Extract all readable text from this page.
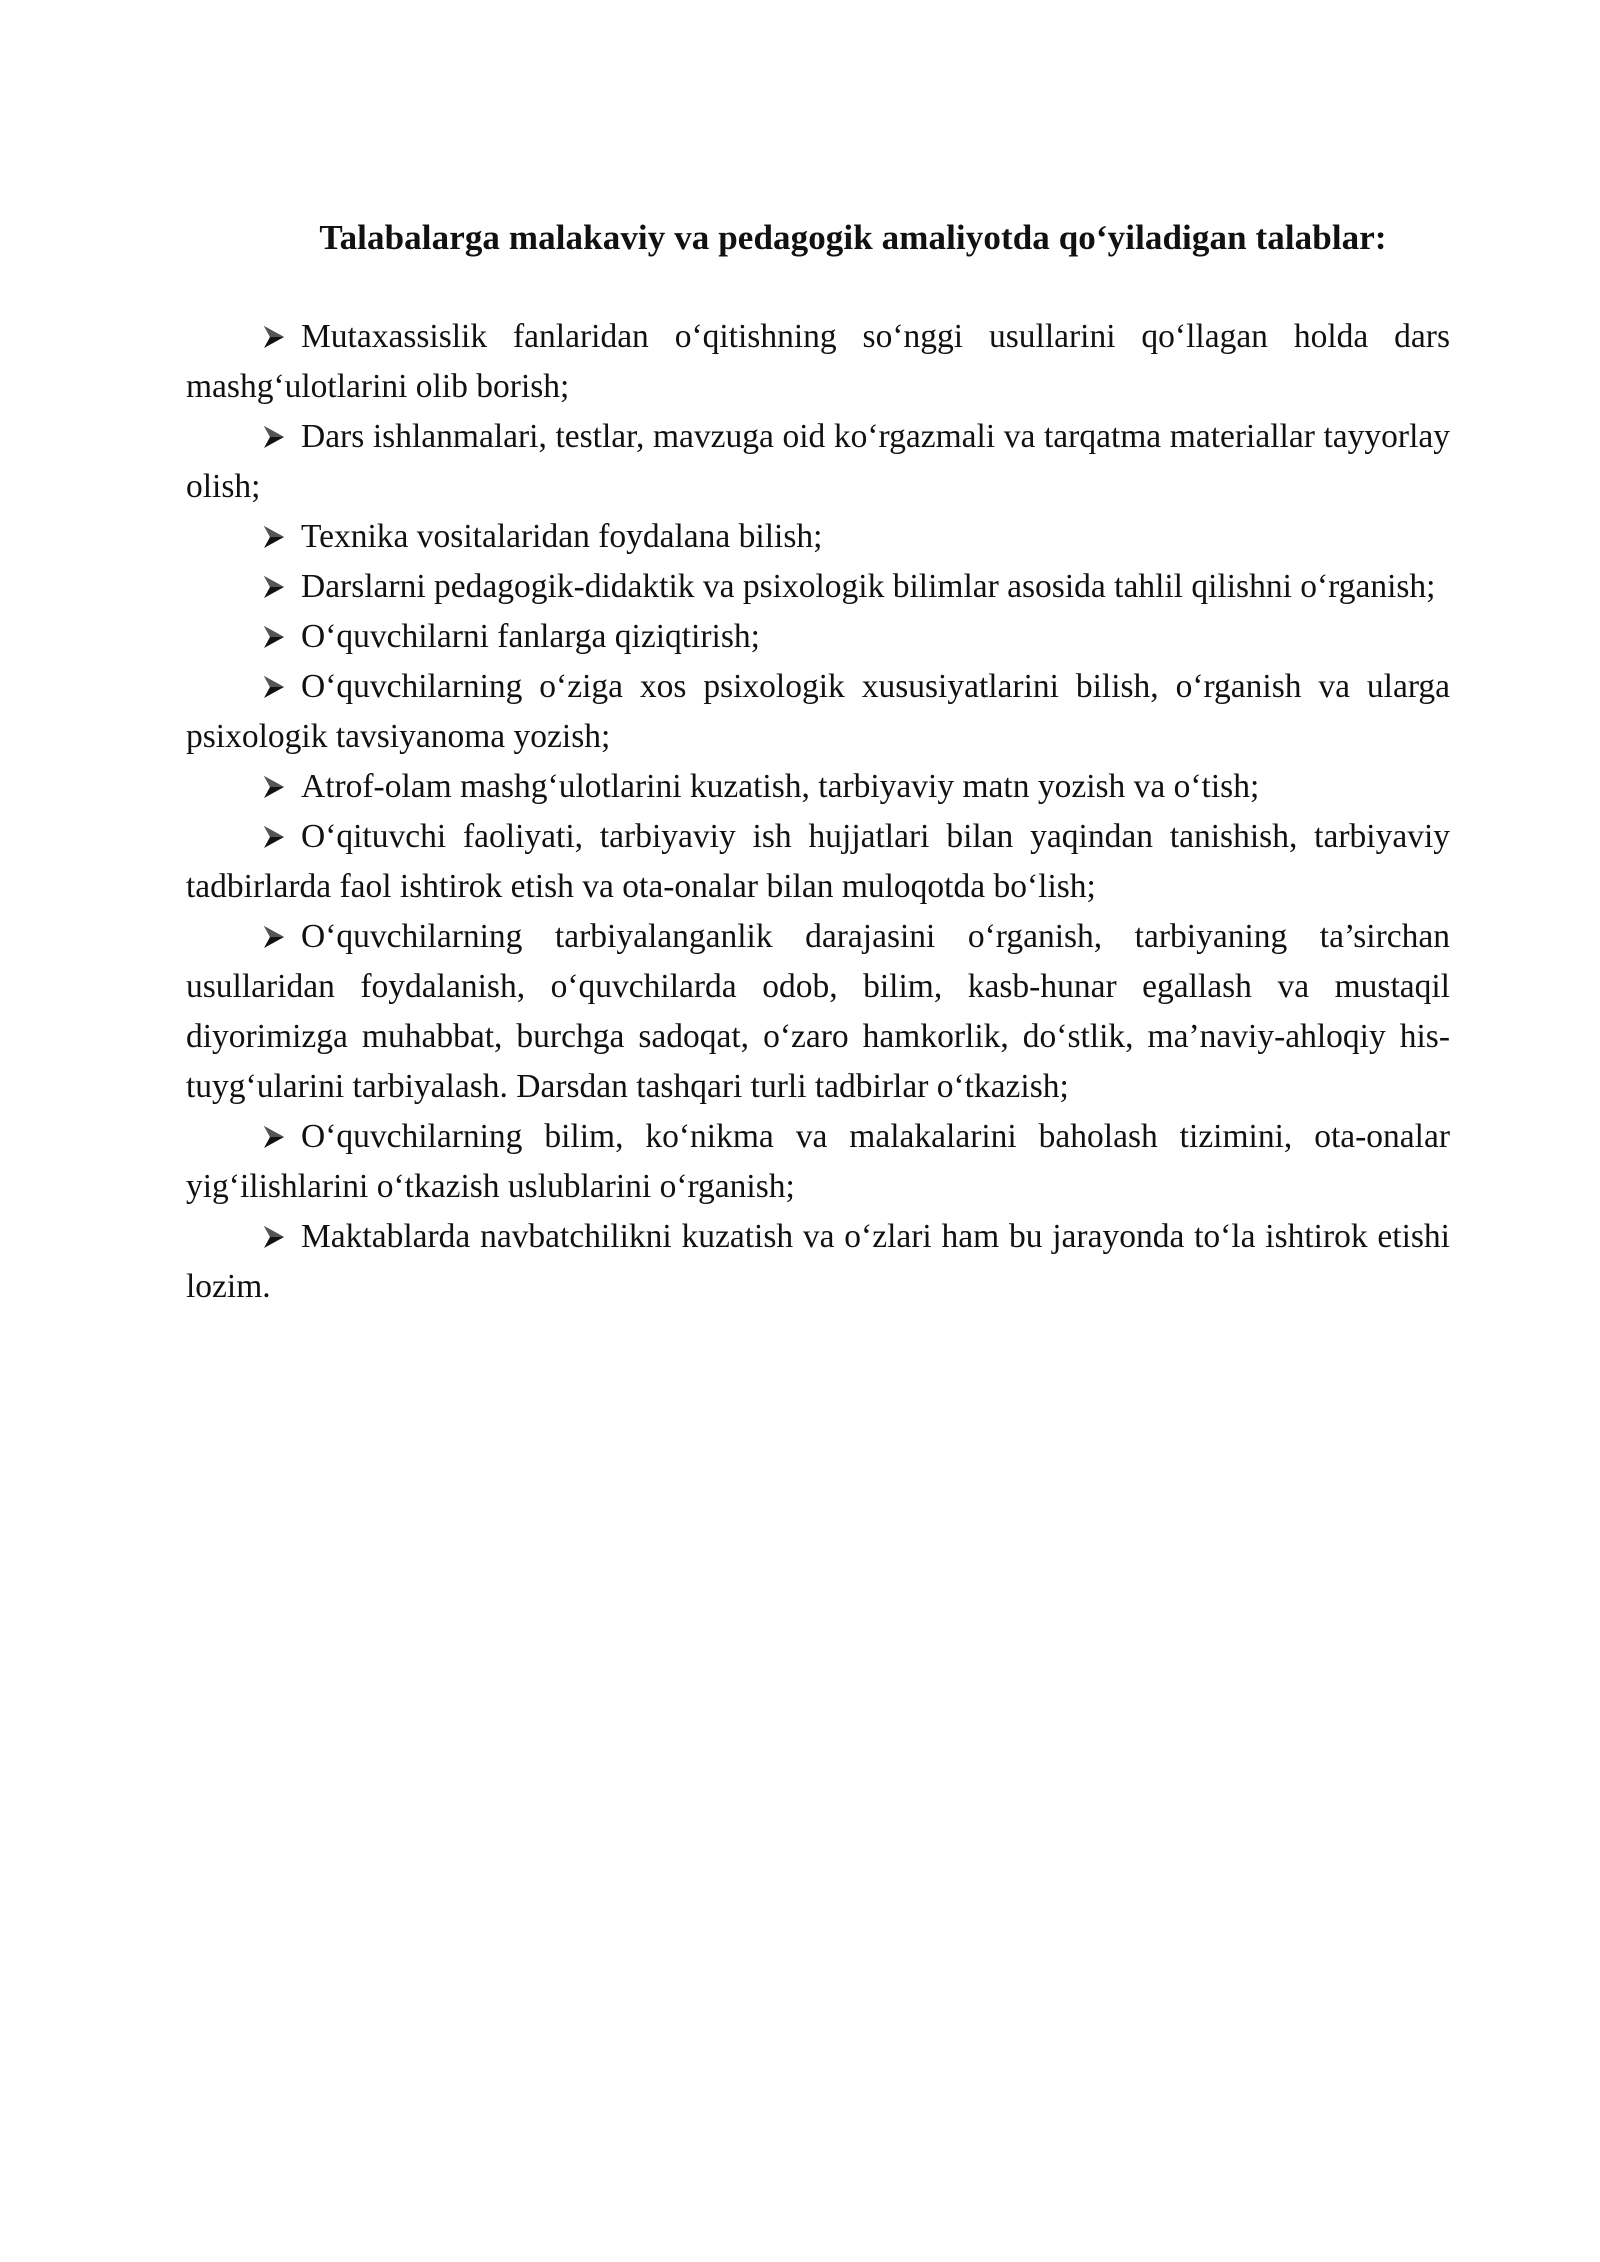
Talabalarga malakaviy va pedagogik amaliyotda qo‘yiladigan talablar:

Mutaxassislik fanlaridan o‘qitishning so‘nggi usullarini qo‘llagan holda dars mashg‘ulotlarini olib borish;

Dars ishlanmalari, testlar, mavzuga oid ko‘rgazmali va tarqatma materiallar tayyorlay olish;

Texnika vositalaridan foydalana bilish;

Darslarni pedagogik-didaktik va psixologik bilimlar asosida tahlil qilishni o‘rganish;

O‘quvchilarni fanlarga qiziqtirish;

O‘quvchilarning o‘ziga xos psixologik xususiyatlarini bilish, o‘rganish va ularga psixologik tavsiyanoma yozish;

Atrof-olam mashg‘ulotlarini kuzatish, tarbiyaviy matn yozish va o‘tish;

O‘qituvchi faoliyati, tarbiyaviy ish hujjatlari bilan yaqindan tanishish, tarbiyaviy tadbirlarda faol ishtirok etish va ota-onalar bilan muloqotda bo‘lish;

O‘quvchilarning tarbiyalanganlik darajasini o‘rganish, tarbiyaning ta’sirchan usullaridan foydalanish, o‘quvchilarda odob, bilim, kasb-hunar egallash va mustaqil diyorimizga muhabbat, burchga sadoqat, o‘zaro hamkorlik, do‘stlik, ma’naviy-ahloqiy his-tuyg‘ularini tarbiyalash. Darsdan tashqari turli tadbirlar o‘tkazish;

O‘quvchilarning bilim, ko‘nikma va malakalarini baholash tizimini, ota-onalar yig‘ilishlarini o‘tkazish uslublarini o‘rganish;

Maktablarda navbatchilikni kuzatish va o‘zlari ham bu jarayonda to‘la ishtirok etishi lozim.
